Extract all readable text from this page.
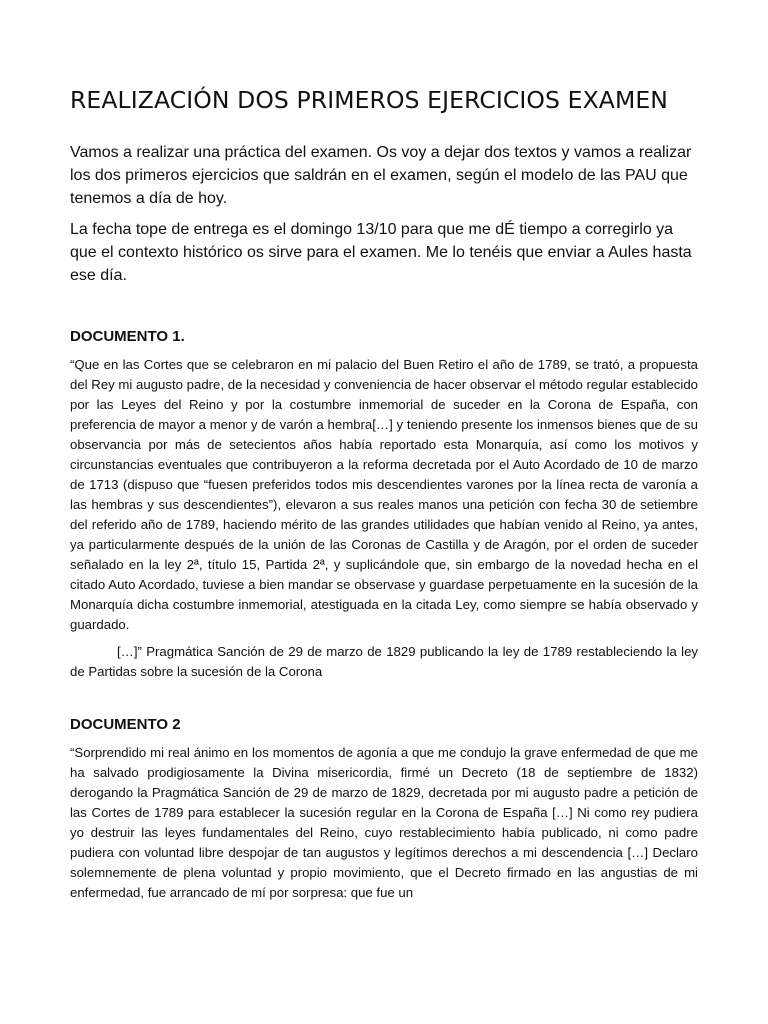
REALIZACIÓN DOS PRIMEROS EJERCICIOS EXAMEN

Vamos a realizar una práctica del examen. Os voy a dejar dos textos y vamos a realizar los dos primeros ejercicios que saldrán en el examen, según el modelo de las PAU que tenemos a día de hoy.

La fecha tope de entrega es el domingo 13/10 para que me dÉ tiempo a corregirlo ya que el contexto histórico os sirve para el examen. Me lo tenéis que enviar a Aules hasta ese día.

DOCUMENTO 1.

“Que en las Cortes que se celebraron en mi palacio del Buen Retiro el año de 1789, se trató, a propuesta del Rey mi augusto padre, de la necesidad y conveniencia de hacer observar el método regular establecido por las Leyes del Reino y por la costumbre inmemorial de suceder en la Corona de España, con preferencia de mayor a menor y de varón a hembra[…] y teniendo presente los inmensos bienes que de su observancia por más de setecientos años había reportado esta Monarquía, así como los motivos y circunstancias eventuales que contribuyeron a la reforma decretada por el Auto Acordado de 10 de marzo de 1713 (dispuso que “fuesen preferidos todos mis descendientes varones por la línea recta de varonía a las hembras y sus descendientes”), elevaron a sus reales manos una petición con fecha 30 de setiembre del referido año de 1789, haciendo mérito de las grandes utilidades que habían venido al Reino, ya antes, ya particularmente después de la unión de las Coronas de Castilla y de Aragón, por el orden de suceder señalado en la ley 2ª, título 15, Partida 2ª, y suplicándole que, sin embargo de la novedad hecha en el citado Auto Acordado, tuviese a bien mandar se observase y guardase perpetuamente en la sucesión de la Monarquía dicha costumbre inmemorial, atestiguada en la citada Ley, como siempre se había observado y guardado.

[…]” Pragmática Sanción de 29 de marzo de 1829 publicando la ley de 1789 restableciendo la ley de Partidas sobre la sucesión de la Corona

DOCUMENTO 2

“Sorprendido mi real ánimo en los momentos de agonía a que me condujo la grave enfermedad de que me ha salvado prodigiosamente la Divina misericordia, firmé un Decreto (18 de septiembre de 1832) derogando la Pragmática Sanción de 29 de marzo de 1829, decretada por mi augusto padre a petición de las Cortes de 1789 para establecer la sucesión regular en la Corona de España […] Ni como rey pudiera yo destruir las leyes fundamentales del Reino, cuyo restablecimiento había publicado, ni como padre pudiera con voluntad libre despojar de tan augustos y legítimos derechos a mi descendencia […] Declaro solemnemente de plena voluntad y propio movimiento, que el Decreto firmado en las angustias de mi enfermedad, fue arrancado de mí por sorpresa: que fue un
